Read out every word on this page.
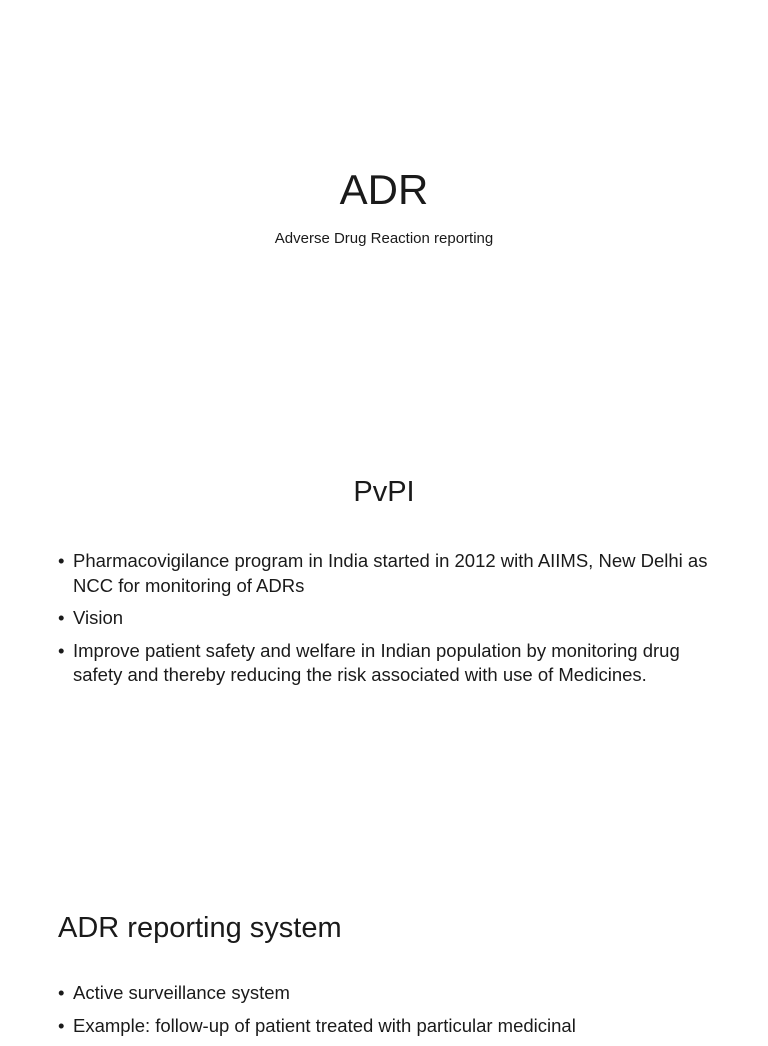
ADR

Adverse Drug Reaction reporting

PvPI
• Pharmacovigilance program in India started in 2012 with AIIMS, New Delhi as NCC for monitoring of ADRs
• Vision
• Improve patient safety and welfare in Indian population by monitoring drug safety and thereby reducing the risk associated with use of Medicines.
ADR reporting system
• Active surveillance system
• Example: follow-up of patient treated with particular medicinal
